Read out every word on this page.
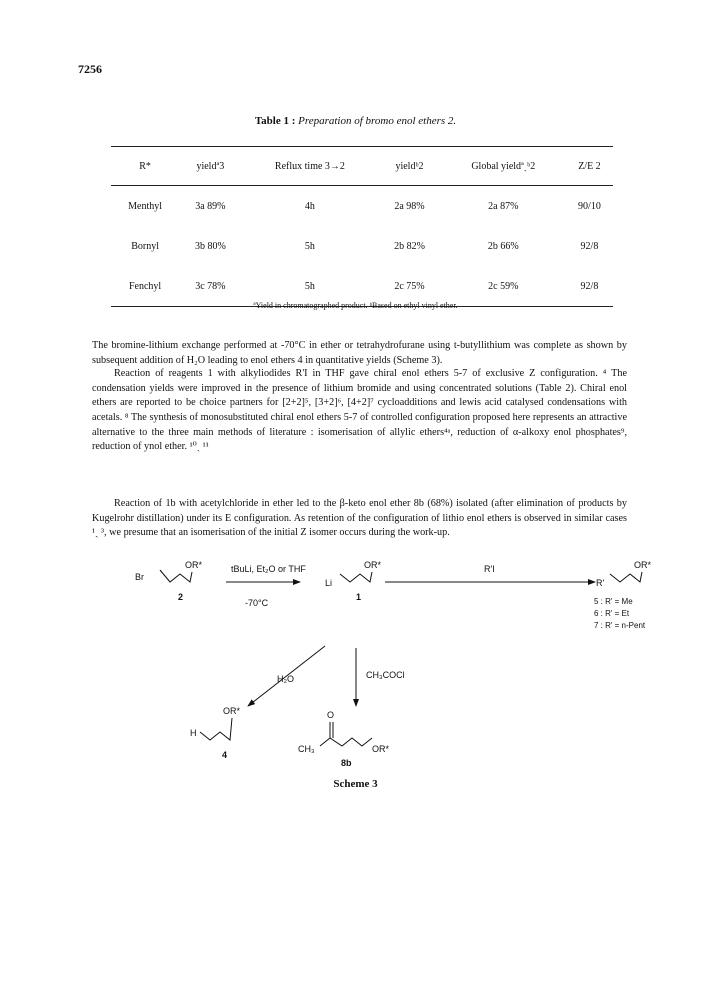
7256
Table 1 : Preparation of bromo enol ethers 2.
R*	yieldª3	Reflux time 3→2	yieldᵇ2	Global yieldªˎᵇ2	Z/E 2
Menthyl	3a 89%	4h	2a 98%	2a 87%	90/10
Bornyl	3b 80%	5h	2b 82%	2b 66%	92/8
Fenchyl	3c 78%	5h	2c 75%	2c 59%	92/8
ªYield in chromatographed product. ᵇBased on ethyl vinyl ether.

The bromine-lithium exchange performed at -70°C in ether or tetrahydrofurane using t-butyllithium was complete as shown by subsequent addition of H₂O leading to enol ethers 4 in quantitative yields (Scheme 3).

Reaction of reagents 1 with alkyliodides R'I in THF gave chiral enol ethers 5-7 of exclusive Z configuration. ⁴ The condensation yields were improved in the presence of lithium bromide and using concentrated solutions (Table 2). Chiral enol ethers are reported to be choice partners for [2+2]⁵, [3+2]⁶, [4+2]⁷ cycloadditions and lewis acid catalysed condensations with acetals. ⁸ The synthesis of monosubstituted chiral enol ethers 5-7 of controlled configuration proposed here represents an attractive alternative to the three main methods of literature : isomerisation of allylic ethers⁴ᵃ, reduction of α-alkoxy enol phosphates⁹, reduction of ynol ether. ¹⁰ˎ ¹¹

Reaction of 1b with acetylchloride in ether led to the β-keto enol ether 8b (68%) isolated (after elimination of products by Kugelrohr distillation) under its E configuration. As retention of the configuration of lithio enol ethers is observed in similar cases ¹ˎ ³, we presume that an isomerisation of the initial Z isomer occurs during the work-up.

Br
OR*
2
tBuLi, Et₂O or THF
-70°C
Li
OR*
1
R'I
R'
OR*
5 : R' = Me
6 : R' = Et
7 : R' = n-Pent
H₂O	CH₃COCl
OR*
H
4
O
CH₃	OR*
8b
Scheme 3
